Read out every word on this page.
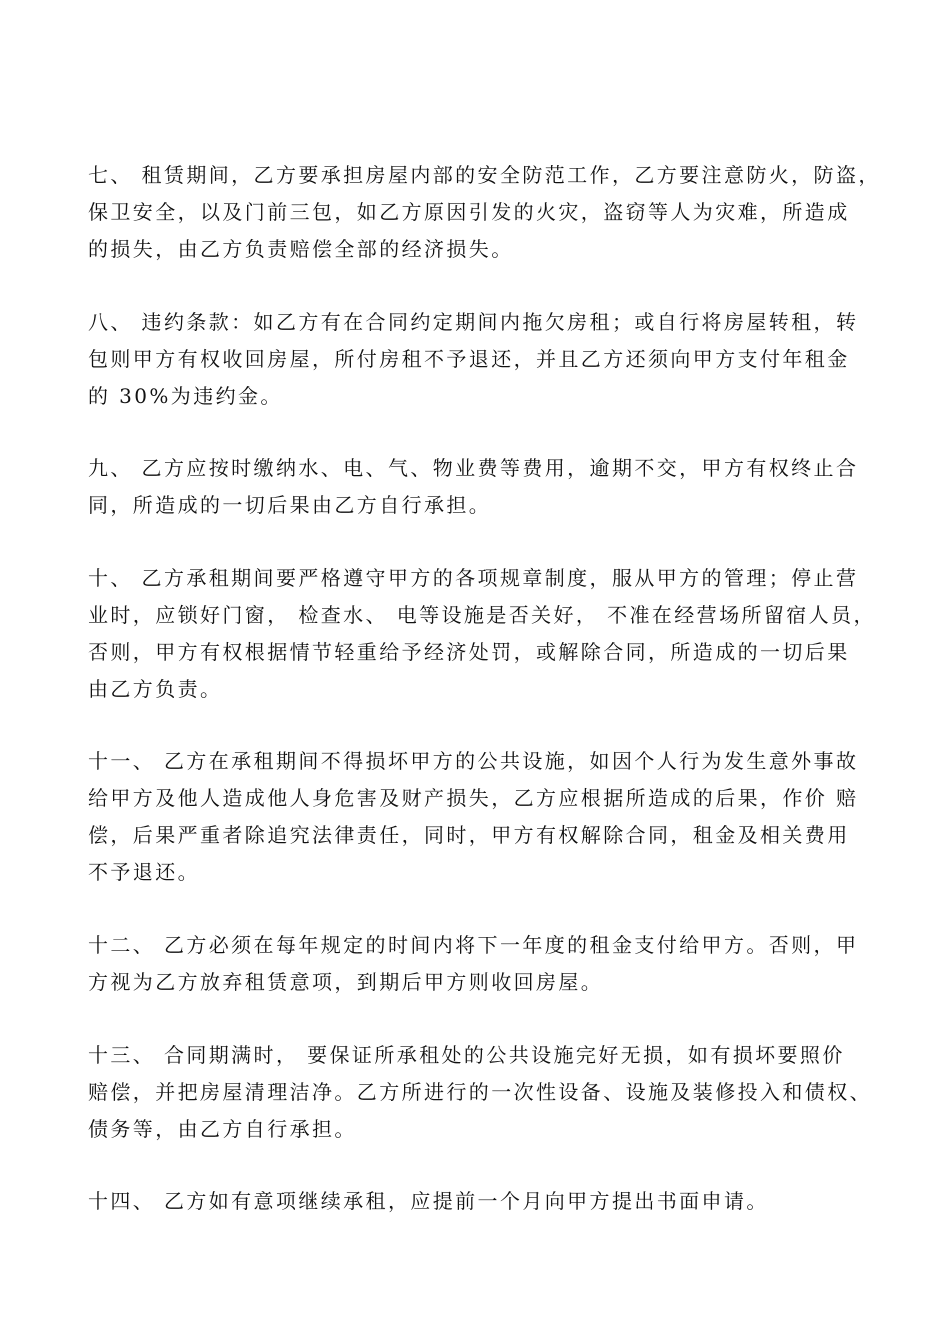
七、 租赁期间，乙方要承担房屋内部的安全防范工作，乙方要注意防火，防盗，
保卫安全，以及门前三包，如乙方原因引发的火灾，盗窃等人为灾难，所造成
的损失，由乙方负责赔偿全部的经济损失。
八、 违约条款：如乙方有在合同约定期间内拖欠房租；或自行将房屋转租，转
包则甲方有权收回房屋，所付房租不予退还，并且乙方还须向甲方支付年租金
的 30%为违约金。
九、 乙方应按时缴纳水、电、气、物业费等费用，逾期不交，甲方有权终止合
同，所造成的一切后果由乙方自行承担。
十、 乙方承租期间要严格遵守甲方的各项规章制度，服从甲方的管理；停止营
业时，应锁好门窗， 检查水、 电等设施是否关好， 不准在经营场所留宿人员，
否则，甲方有权根据情节轻重给予经济处罚，或解除合同，所造成的一切后果
由乙方负责。
十一、 乙方在承租期间不得损坏甲方的公共设施，如因个人行为发生意外事故
给甲方及他人造成他人身危害及财产损失，乙方应根据所造成的后果，作价 赔
偿，后果严重者除追究法律责任，同时，甲方有权解除合同，租金及相关费用
不予退还。
十二、 乙方必须在每年规定的时间内将下一年度的租金支付给甲方。否则，甲
方视为乙方放弃租赁意项，到期后甲方则收回房屋。
十三、 合同期满时， 要保证所承租处的公共设施完好无损，如有损坏要照价
赔偿，并把房屋清理洁净。乙方所进行的一次性设备、设施及装修投入和债权、
债务等，由乙方自行承担。
十四、 乙方如有意项继续承租，应提前一个月向甲方提出书面申请。
